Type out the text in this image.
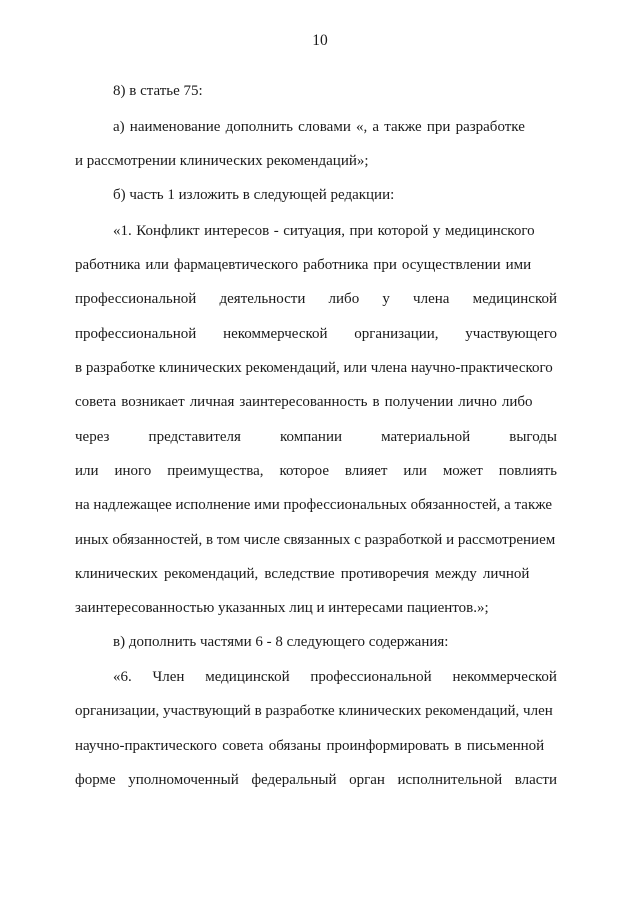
10
8) в статье 75:
а) наименование дополнить словами «, а также при разработке
и рассмотрении клинических рекомендаций»;
б) часть 1 изложить в следующей редакции:
«1. Конфликт интересов - ситуация, при которой у медицинского
работника или фармацевтического работника при осуществлении ими
профессиональной деятельности либо у члена медицинской
профессиональной некоммерческой организации, участвующего
в разработке клинических рекомендаций, или члена научно-практического
совета возникает личная заинтересованность в получении лично либо
через	представителя	компании	материальной	выгоды
или иного преимущества, которое влияет или может повлиять
на надлежащее исполнение ими профессиональных обязанностей, а также
иных обязанностей, в том числе связанных с разработкой и рассмотрением
клинических рекомендаций, вследствие противоречия между личной
заинтересованностью указанных лиц и интересами пациентов.»;
в) дополнить частями 6 - 8 следующего содержания:
«6. Член медицинской профессиональной некоммерческой
организации, участвующий в разработке клинических рекомендаций, член
научно-практического совета обязаны проинформировать в письменной
форме уполномоченный федеральный орган исполнительной власти
